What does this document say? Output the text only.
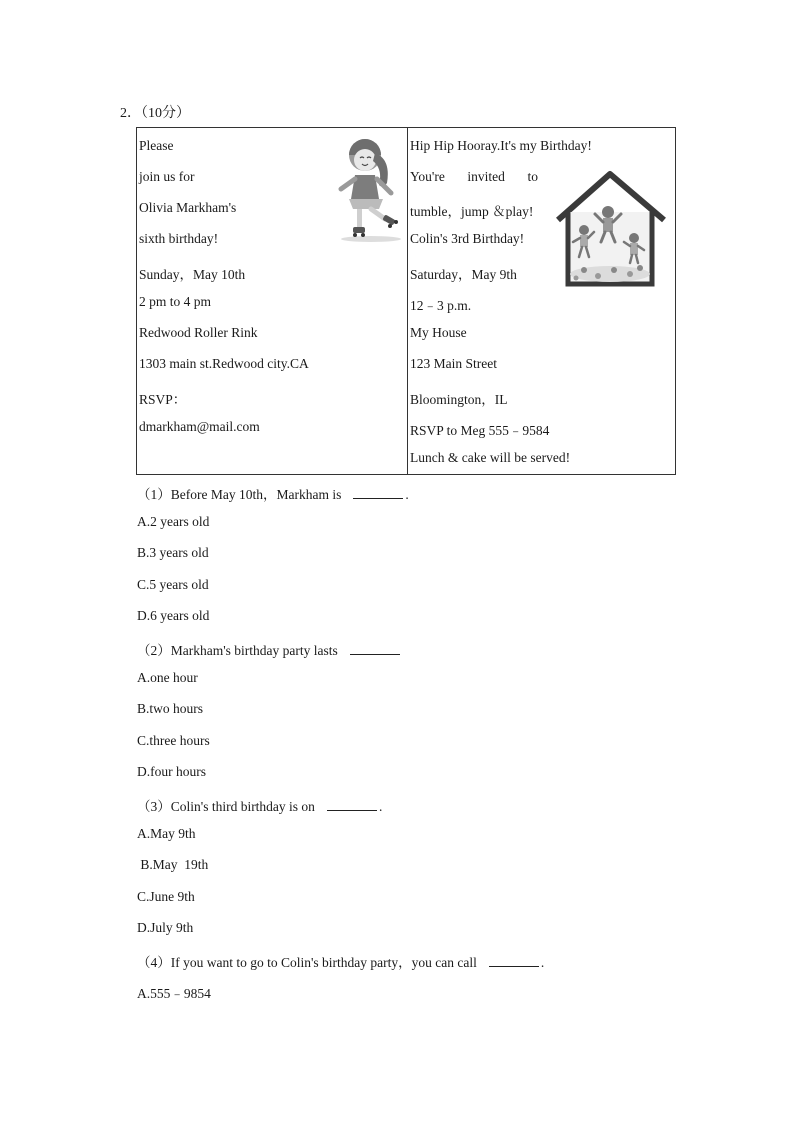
2．（10分）
Please
join us for
Olivia Markham's
sixth birthday!
Sunday，May 10th
2 pm to 4 pm
Redwood Roller Rink
1303 main st.Redwood city.CA
RSVP：
dmarkham@mail.com

Hip Hip Hooray.It's my Birthday!
You're invited to
tumble，jump ＆play!
Colin's 3rd Birthday!
Saturday，May 9th
12﹣3 p.m.
My House
123 Main Street
Bloomington，IL
RSVP to Meg 555﹣9584
Lunch & cake will be served!
（1）Before May 10th，Markham is	.
A.2 years old
B.3 years old
C.5 years old
D.6 years old
（2）Markham's birthday party lasts
A.one hour
B.two hours
C.three hours
D.four hours
（3）Colin's third birthday is on	.
A.May 9th
B.May  19th
C.June 9th
D.July 9th
（4）If you want to go to Colin's birthday party，you can call	.
A.555﹣9854
